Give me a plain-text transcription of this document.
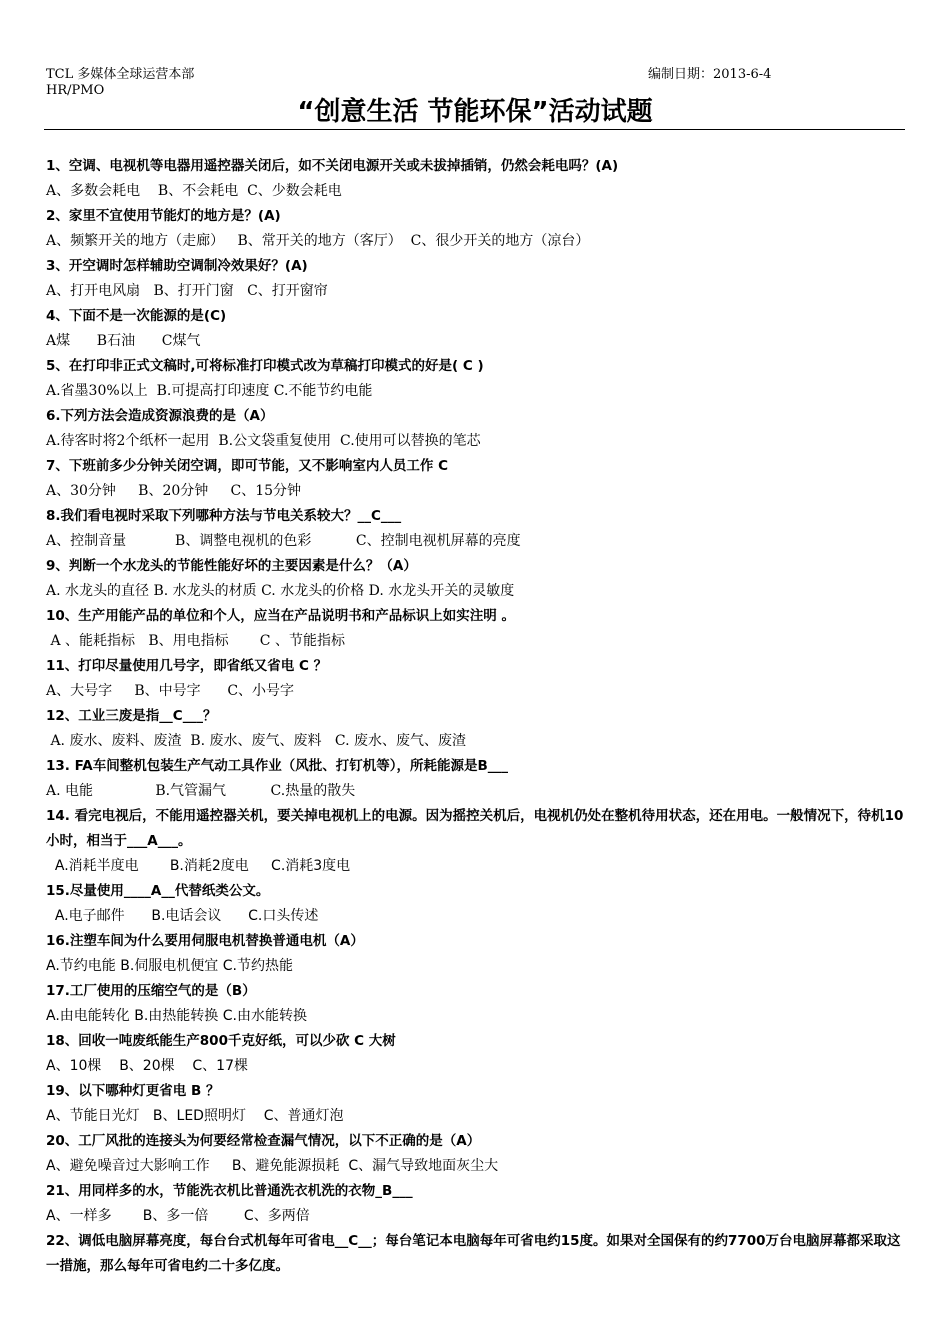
TCL 多媒体全球运营本部
HR/PMO
编制日期：2013-6-4
“创意生活 节能环保”活动试题

1、空调、电视机等电器用遥控器关闭后，如不关闭电源开关或未拔掉插销，仍然会耗电吗？(A)

A、多数会耗电    B、不会耗电  C、少数会耗电

2、家里不宜使用节能灯的地方是？(A)

A、频繁开关的地方（走廊）   B、常开关的地方（客厅）  C、很少开关的地方（凉台）

3、开空调时怎样辅助空调制冷效果好？(A)

A、打开电风扇   B、打开门窗   C、打开窗帘

4、下面不是一次能源的是(C)

A煤      B石油      C煤气

5、在打印非正式文稿时,可将标准打印模式改为草稿打印模式的好是( C )

A.省墨30%以上  B.可提高打印速度 C.不能节约电能

6.下列方法会造成资源浪费的是（A）

A.待客时将2个纸杯一起用  B.公文袋重复使用  C.使用可以替换的笔芯

7、下班前多少分钟关闭空调，即可节能，又不影响室内人员工作 C

A、30分钟     B、20分钟     C、15分钟

8.我们看电视时采取下列哪种方法与节电关系较大？__C___

A、控制音量           B、调整电视机的色彩          C、控制电视机屏幕的亮度

9、判断一个水龙头的节能性能好坏的主要因素是什么？（A）

A. 水龙头的直径 B. 水龙头的材质 C. 水龙头的价格 D. 水龙头开关的灵敏度

10、生产用能产品的单位和个人，应当在产品说明书和产品标识上如实注明 。

A 、能耗指标   B、用电指标       C 、节能指标

11、打印尽量使用几号字，即省纸又省电 C ？

A、大号字     B、中号字      C、小号字

12、工业三废是指__C___？

A. 废水、废料、废渣  B. 废水、废气、废料   C. 废水、废气、废渣

13. FA车间整机包装生产气动工具作业（风批、打钉机等），所耗能源是B___

A. 电能              B.气管漏气          C.热量的散失

14. 看完电视后，不能用遥控器关机，要关掉电视机上的电源。因为摇控关机后，电视机仍处在整机待用状态，还在用电。一般情况下，待机10小时，相当于___A___。

A.消耗半度电       B.消耗2度电     C.消耗3度电

15.尽量使用____A__代替纸类公文。

A.电子邮件      B.电话会议      C.口头传述

16.注塑车间为什么要用伺服电机替换普通电机（A）

A.节约电能 B.伺服电机便宜 C.节约热能

17.工厂使用的压缩空气的是（B）

A.由电能转化 B.由热能转换 C.由水能转换

18、回收一吨废纸能生产800千克好纸，可以少砍 C 大树

A、10棵    B、20棵    C、17棵

19、以下哪种灯更省电 B ？

A、节能日光灯   B、LED照明灯    C、普通灯泡

20、工厂风批的连接头为何要经常检查漏气情况，以下不正确的是（A）

A、避免噪音过大影响工作     B、避免能源损耗  C、漏气导致地面灰尘大

21、用同样多的水，节能洗衣机比普通洗衣机洗的衣物_B___

A、一样多       B、多一倍        C、多两倍

22、调低电脑屏幕亮度，每台台式机每年可省电__C__；每台笔记本电脑每年可省电约15度。如果对全国保有的约7700万台电脑屏幕都采取这一措施，那么每年可省电约二十多亿度。
